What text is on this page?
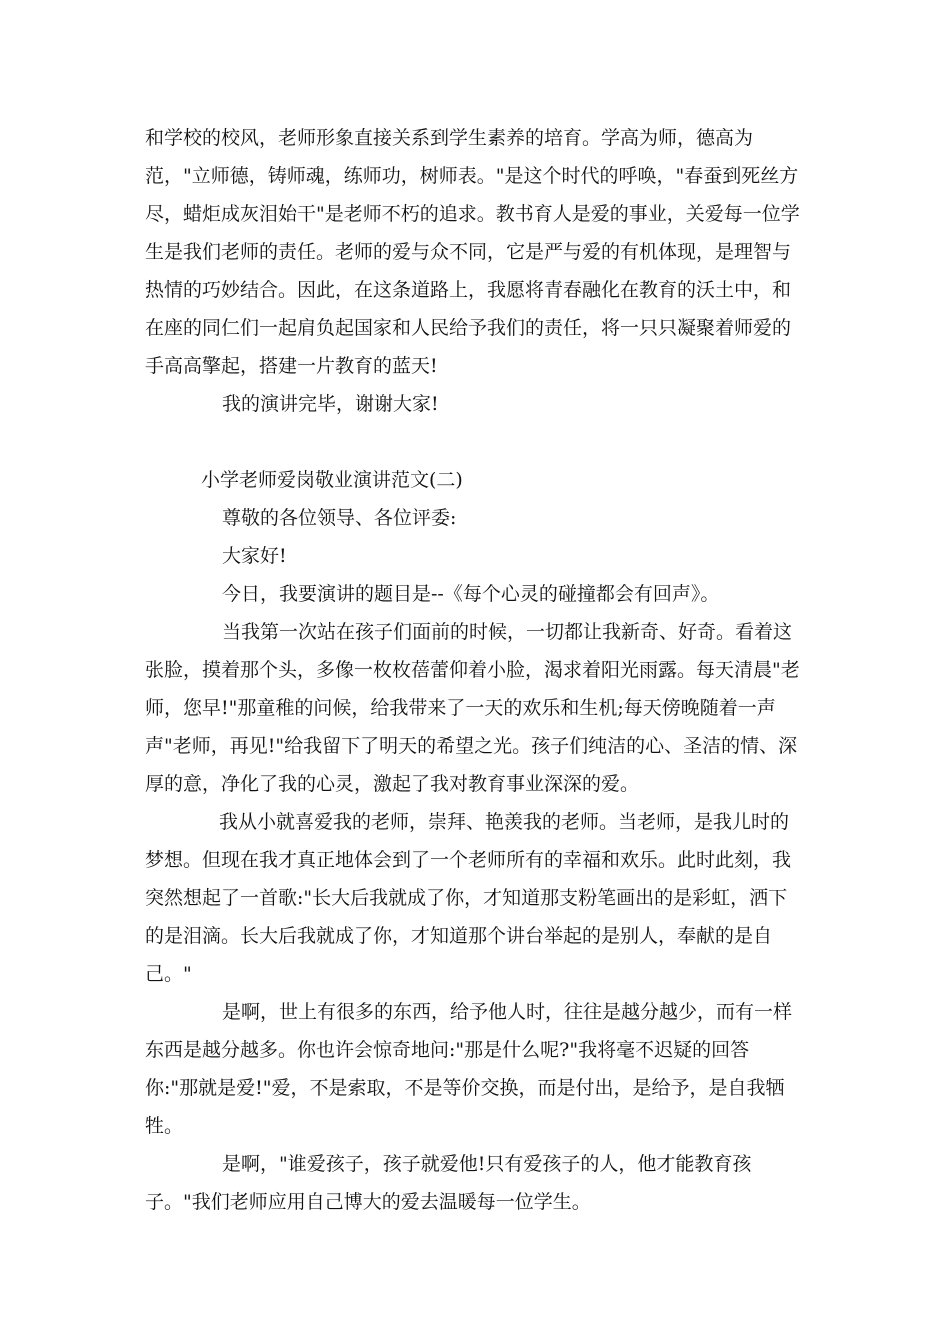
和学校的校风，老师形象直接关系到学生素养的培育。学高为师，德高为
范，"立师德，铸师魂，练师功，树师表。"是这个时代的呼唤，"春蚕到死丝方
尽，蜡炬成灰泪始干"是老师不朽的追求。教书育人是爱的事业，关爱每一位学
生是我们老师的责任。老师的爱与众不同，它是严与爱的有机体现，是理智与
热情的巧妙结合。因此，在这条道路上，我愿将青春融化在教育的沃土中，和
在座的同仁们一起肩负起国家和人民给予我们的责任，将一只只凝聚着师爱的
手高高擎起，搭建一片教育的蓝天!
我的演讲完毕，谢谢大家!
小学老师爱岗敬业演讲范文(二)
尊敬的各位领导、各位评委:
大家好!
今日，我要演讲的题目是--《每个心灵的碰撞都会有回声》。
当我第一次站在孩子们面前的时候，一切都让我新奇、好奇。看着这
张脸，摸着那个头，多像一枚枚蓓蕾仰着小脸，渴求着阳光雨露。每天清晨"老
师，您早!"那童稚的问候，给我带来了一天的欢乐和生机;每天傍晚随着一声
声"老师，再见!"给我留下了明天的希望之光。孩子们纯洁的心、圣洁的情、深
厚的意，净化了我的心灵，激起了我对教育事业深深的爱。
我从小就喜爱我的老师，崇拜、艳羡我的老师。当老师，是我儿时的
梦想。但现在我才真正地体会到了一个老师所有的幸福和欢乐。此时此刻，我
突然想起了一首歌:"长大后我就成了你，才知道那支粉笔画出的是彩虹，洒下
的是泪滴。长大后我就成了你，才知道那个讲台举起的是别人，奉献的是自
己。"
是啊，世上有很多的东西，给予他人时，往往是越分越少，而有一样
东西是越分越多。你也许会惊奇地问:"那是什么呢?"我将毫不迟疑的回答
你:"那就是爱!"爱，不是索取，不是等价交换，而是付出，是给予，是自我牺
牲。
是啊，"谁爱孩子，孩子就爱他!只有爱孩子的人，他才能教育孩
子。"我们老师应用自己博大的爱去温暖每一位学生。
